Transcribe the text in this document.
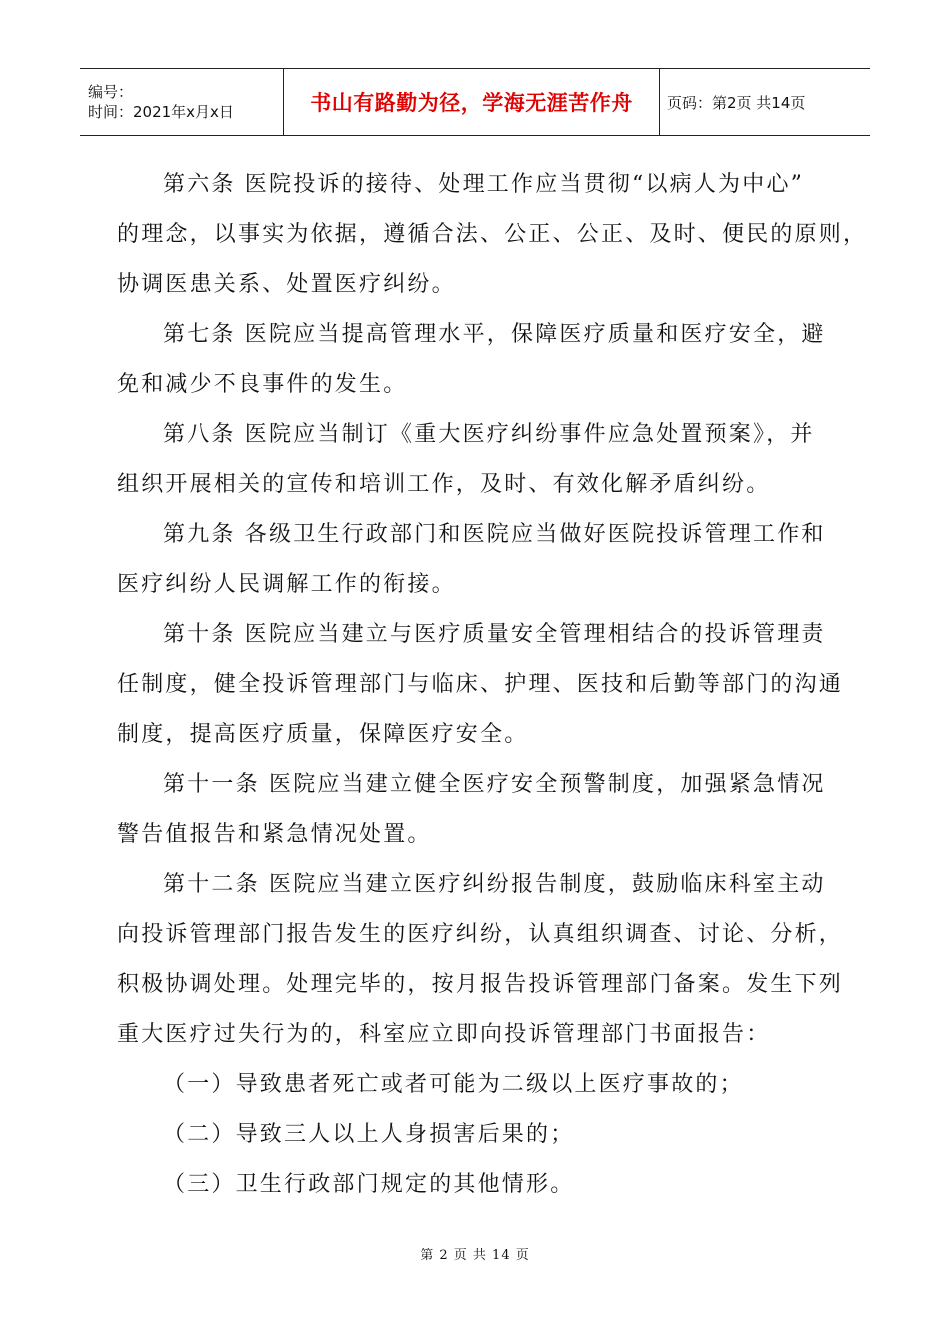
编号：
时间：2021年x月x日	书山有路勤为径，学海无涯苦作舟 页码：第2页 共14页
第六条 医院投诉的接待、处理工作应当贯彻“以病人为中心”
的理念，以事实为依据，遵循合法、公正、公正、及时、便民的原则，
协调医患关系、处置医疗纠纷。
第七条 医院应当提高管理水平，保障医疗质量和医疗安全，避
免和减少不良事件的发生。
第八条 医院应当制订《重大医疗纠纷事件应急处置预案》，并
组织开展相关的宣传和培训工作，及时、有效化解矛盾纠纷。
第九条 各级卫生行政部门和医院应当做好医院投诉管理工作和
医疗纠纷人民调解工作的衔接。
第十条 医院应当建立与医疗质量安全管理相结合的投诉管理责
任制度，健全投诉管理部门与临床、护理、医技和后勤等部门的沟通
制度，提高医疗质量，保障医疗安全。
第十一条 医院应当建立健全医疗安全预警制度，加强紧急情况
警告值报告和紧急情况处置。
第十二条 医院应当建立医疗纠纷报告制度，鼓励临床科室主动
向投诉管理部门报告发生的医疗纠纷，认真组织调查、讨论、分析，
积极协调处理。处理完毕的，按月报告投诉管理部门备案。发生下列
重大医疗过失行为的，科室应立即向投诉管理部门书面报告：
（一）导致患者死亡或者可能为二级以上医疗事故的；
（二）导致三人以上人身损害后果的；
（三）卫生行政部门规定的其他情形。
第 2 页 共 14 页
